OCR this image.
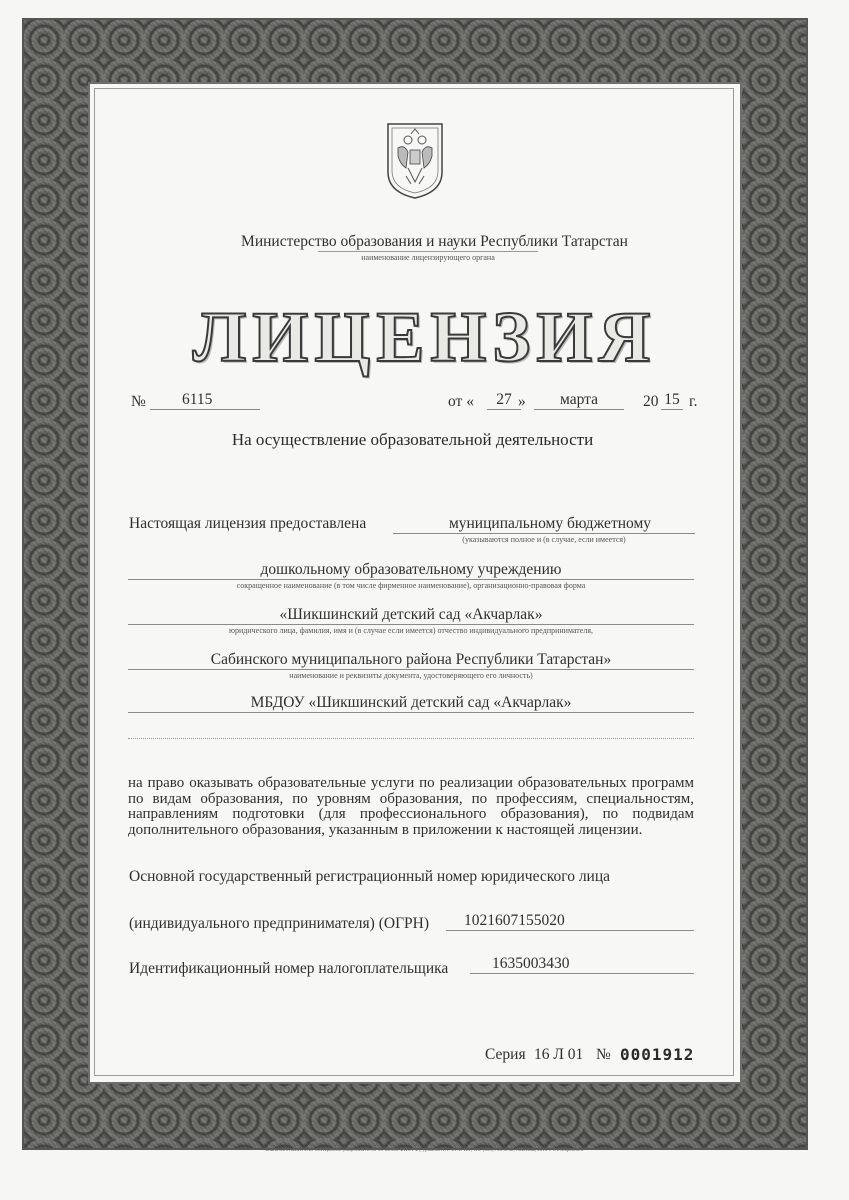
Министерство образования и науки Республики Татарстан
наименование лицензирующего органа
ЛИЦЕНЗИЯ
№	6115	от «	27 »	марта	20 15 г.
На осуществление образовательной деятельности
Настоящая лицензия предоставлена	муниципальному бюджетному
(указываются полное и (в случае, если имеется)
дошкольному образовательному учреждению
сокращенное наименование (в том числе фирменное наименование), организационно-правовая форма
«Шикшинский детский сад «Акчарлак»
юридического лица, фамилия, имя и (в случае если имеется) отчество индивидуального предпринимателя,
Сабинского муниципального района Республики Татарстан»
наименование и реквизиты документа, удостоверяющего его личность)
МБДОУ «Шикшинский детский сад «Акчарлак»
на право оказывать образовательные услуги по реализации образовательных программ по видам образования, по уровням образования, по профессиям, специальностям, направлениям подготовки (для профессионального образования), по подвидам дополнительного образования, указанным в приложении к настоящей лицензии.
Основной государственный регистрационный номер юридического лица
(индивидуального предпринимателя) (ОГРН)	1021607155020
Идентификационный номер налогоплательщика	1635003430
Серия 16 Л 01 № 0001912
Бланк изготовлен ЗАО «ОПЦИОН» (лицензия № 05-05-09/003 ФНС РФ), уровень А. г. 15 № 121, тел. (495) 726 4742, г.Москва, 2014 г. www.opcion.ru
